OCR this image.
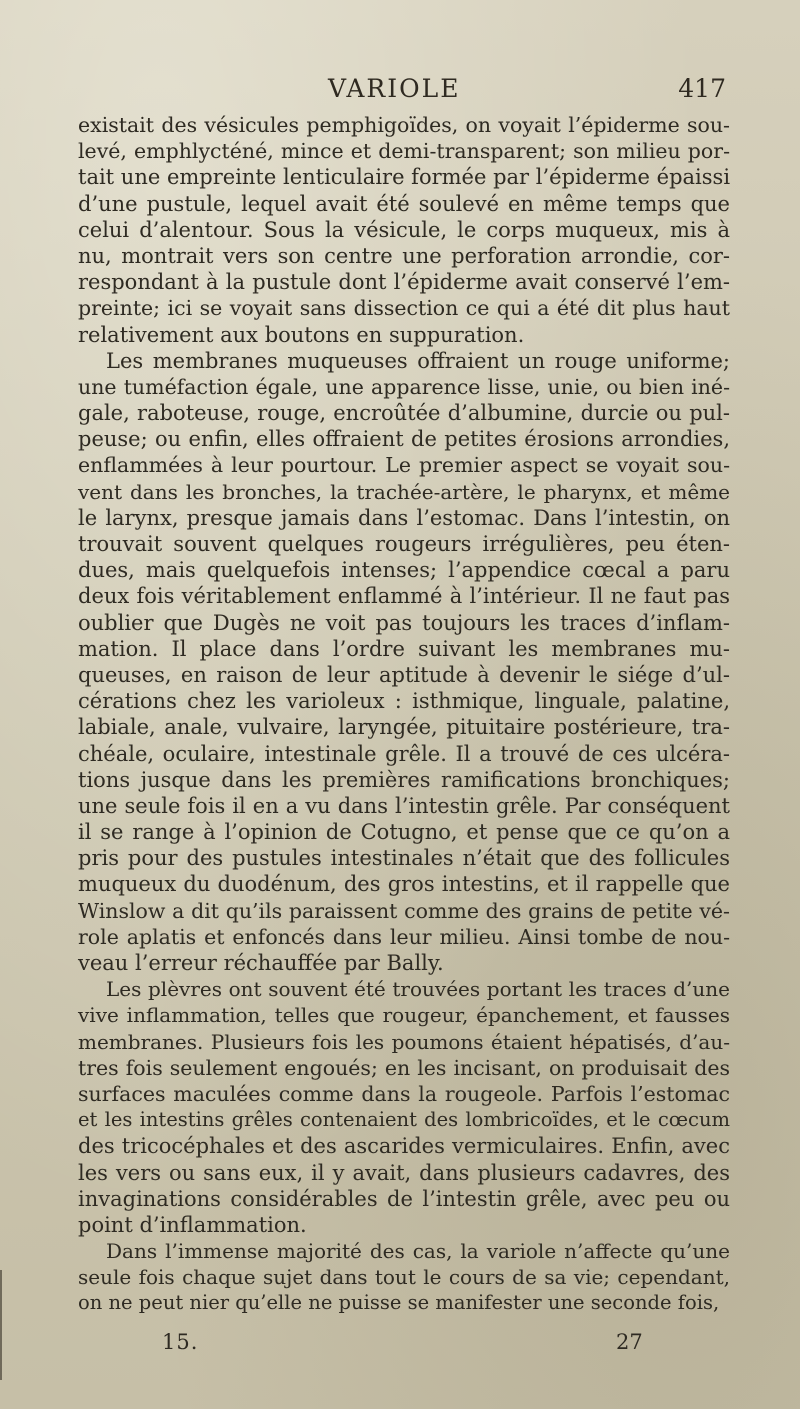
VARIOLE	417
existait des vésicules pemphigoïdes, on voyait l’épiderme sou-
levé, emphlycténé, mince et demi-transparent; son milieu por-
tait une empreinte lenticulaire formée par l’épiderme épaissi
d’une pustule, lequel avait été soulevé en même temps que
celui d’alentour. Sous la vésicule, le corps muqueux, mis à
nu, montrait vers son centre une perforation arrondie, cor-
respondant à la pustule dont l’épiderme avait conservé l’em-
preinte; ici se voyait sans dissection ce qui a été dit plus haut
relativement aux boutons en suppuration.
Les membranes muqueuses offraient un rouge uniforme;
une tuméfaction égale, une apparence lisse, unie, ou bien iné-
gale, raboteuse, rouge, encroûtée d’albumine, durcie ou pul-
peuse; ou enfin, elles offraient de petites érosions arrondies,
enflammées à leur pourtour. Le premier aspect se voyait sou-
vent dans les bronches, la trachée-artère, le pharynx, et même
le larynx, presque jamais dans l’estomac. Dans l’intestin, on
trouvait souvent quelques rougeurs irrégulières, peu éten-
dues, mais quelquefois intenses; l’appendice cœcal a paru
deux fois véritablement enflammé à l’intérieur. Il ne faut pas
oublier que Dugès ne voit pas toujours les traces d’inflam-
mation. Il place dans l’ordre suivant les membranes mu-
queuses, en raison de leur aptitude à devenir le siége d’ul-
cérations chez les varioleux : isthmique, linguale, palatine,
labiale, anale, vulvaire, laryngée, pituitaire postérieure, tra-
chéale, oculaire, intestinale grêle. Il a trouvé de ces ulcéra-
tions jusque dans les premières ramifications bronchiques;
une seule fois il en a vu dans l’intestin grêle. Par conséquent
il se range à l’opinion de Cotugno, et pense que ce qu’on a
pris pour des pustules intestinales n’était que des follicules
muqueux du duodénum, des gros intestins, et il rappelle que
Winslow a dit qu’ils paraissent comme des grains de petite vé-
role aplatis et enfoncés dans leur milieu. Ainsi tombe de nou-
veau l’erreur réchauffée par Bally.
Les plèvres ont souvent été trouvées portant les traces d’une
vive inflammation, telles que rougeur, épanchement, et fausses
membranes. Plusieurs fois les poumons étaient hépatisés, d’au-
tres fois seulement engoués; en les incisant, on produisait des
surfaces maculées comme dans la rougeole. Parfois l’estomac
et les intestins grêles contenaient des lombricoïdes, et le cœcum
des tricocéphales et des ascarides vermiculaires. Enfin, avec
les vers ou sans eux, il y avait, dans plusieurs cadavres, des
invaginations considérables de l’intestin grêle, avec peu ou
point d’inflammation.
Dans l’immense majorité des cas, la variole n’affecte qu’une
seule fois chaque sujet dans tout le cours de sa vie; cependant,
on ne peut nier qu’elle ne puisse se manifester une seconde fois,
15.	27
